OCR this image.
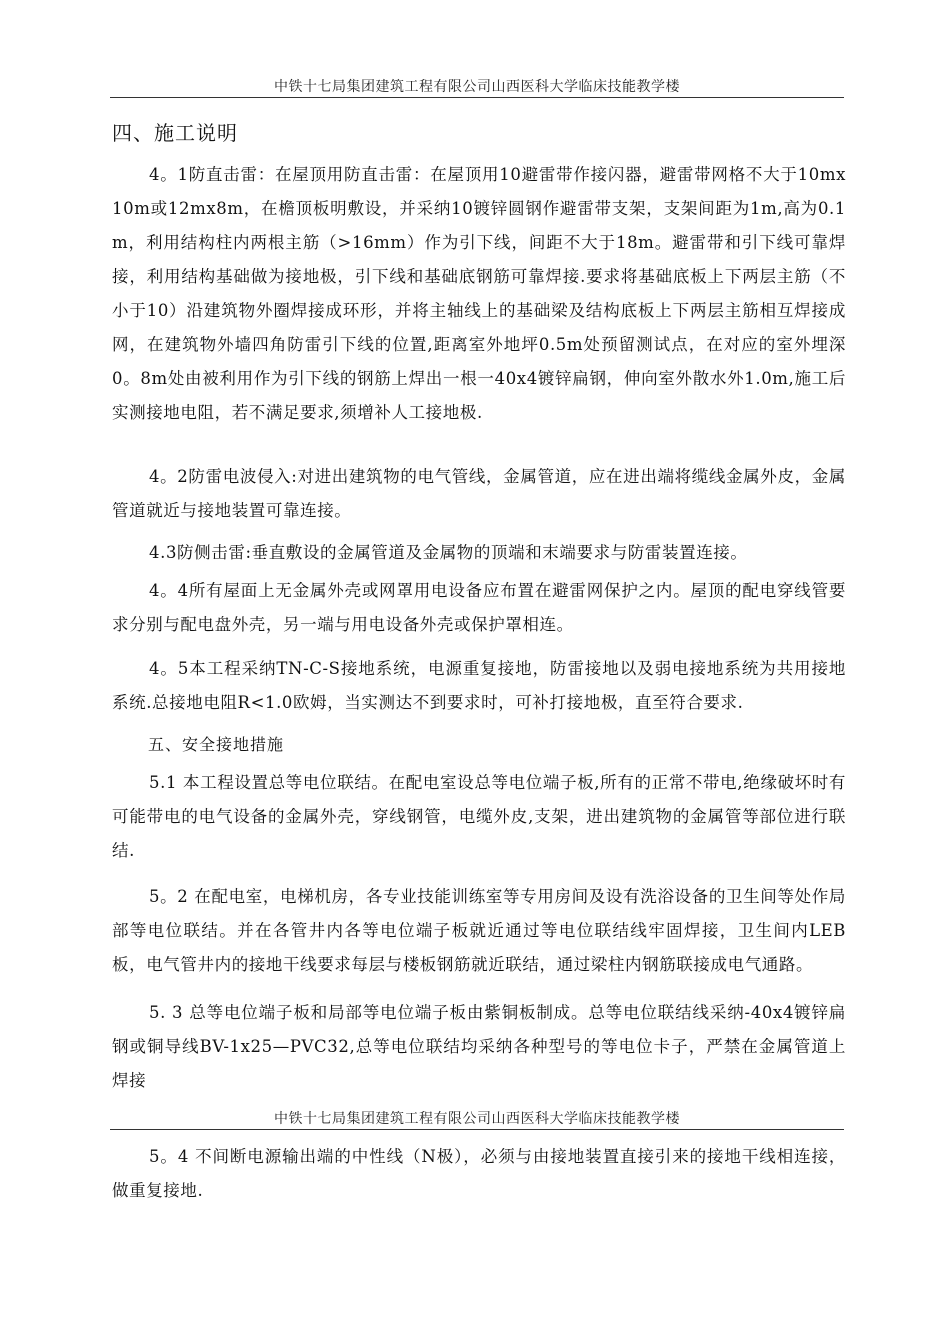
中铁十七局集团建筑工程有限公司山西医科大学临床技能教学楼
四、施工说明
4。1防直击雷：在屋顶用防直击雷：在屋顶用10避雷带作接闪器，避雷带网格不大于10mx10m或12mx8m，在檐顶板明敷设，并采纳10镀锌圆钢作避雷带支架，支架间距为1m,高为0.1m，利用结构柱内两根主筋（>16mm）作为引下线，间距不大于18m。避雷带和引下线可靠焊接，利用结构基础做为接地极，引下线和基础底钢筋可靠焊接.要求将基础底板上下两层主筋（不小于10）沿建筑物外圈焊接成环形，并将主轴线上的基础梁及结构底板上下两层主筋相互焊接成网，在建筑物外墙四角防雷引下线的位置,距离室外地坪0.5m处预留测试点，在对应的室外埋深0。8m处由被利用作为引下线的钢筋上焊出一根一40x4镀锌扁钢，伸向室外散水外1.0m,施工后实测接地电阻，若不满足要求,须增补人工接地极.
4。2防雷电波侵入:对进出建筑物的电气管线，金属管道，应在进出端将缆线金属外皮，金属管道就近与接地装置可靠连接。
4.3防侧击雷:垂直敷设的金属管道及金属物的顶端和末端要求与防雷装置连接。
4。4所有屋面上无金属外壳或网罩用电设备应布置在避雷网保护之内。屋顶的配电穿线管要求分别与配电盘外壳，另一端与用电设备外壳或保护罩相连。
4。5本工程采纳TN-C-S接地系统，电源重复接地，防雷接地以及弱电接地系统为共用接地系统.总接地电阻R<1.0欧姆，当实测达不到要求时，可补打接地极，直至符合要求.
五、安全接地措施
5.1 本工程设置总等电位联结。在配电室设总等电位端子板,所有的正常不带电,绝缘破坏时有可能带电的电气设备的金属外壳，穿线钢管，电缆外皮,支架，进出建筑物的金属管等部位进行联结.
5。2 在配电室，电梯机房，各专业技能训练室等专用房间及设有洗浴设备的卫生间等处作局部等电位联结。并在各管井内各等电位端子板就近通过等电位联结线牢固焊接，卫生间内LEB板，电气管井内的接地干线要求每层与楼板钢筋就近联结，通过梁柱内钢筋联接成电气通路。
5. 3 总等电位端子板和局部等电位端子板由紫铜板制成。总等电位联结线采纳-40x4镀锌扁钢或铜导线BV-1x25—PVC32,总等电位联结均采纳各种型号的等电位卡子，严禁在金属管道上焊接
中铁十七局集团建筑工程有限公司山西医科大学临床技能教学楼
5。4 不间断电源输出端的中性线（N极），必须与由接地装置直接引来的接地干线相连接，做重复接地.
